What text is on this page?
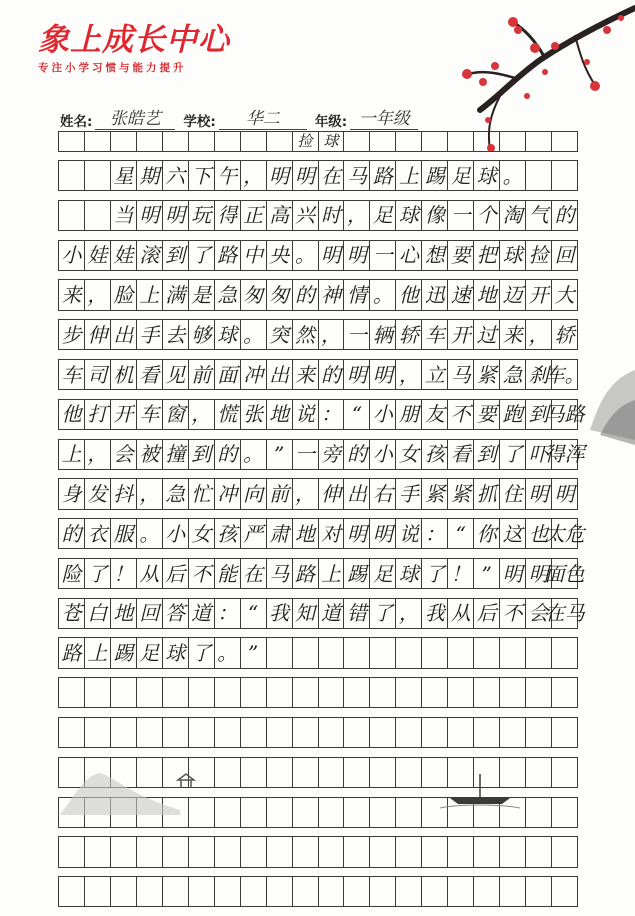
象上成长中心
专注小学习惯与能力提升
姓名:	张皓艺	学校:	华二	年级: 一年级
捡 球

星 期 六 下 午 ， 明 明 在 马 路 上 踢 足 球 。

当 明 明 玩 得 正 高 兴 时 ， 足 球 像 一 个 淘 气 的
小 娃 娃 滚 到 了 路 中 央 。 明 明 一 心 想 要 把 球 捡 回
来 ， 脸 上 满 是 急 匆 匆 的 神 情 。 他 迅 速 地 迈 开 大
步 伸 出 手 去 够 球 。 突 然 ， 一 辆 轿 车 开 过 来 ， 轿
车 司 机 看 见 前 面 冲 出 来 的 明 明 ， 立 马 紧 急 刹
车。
他 打 开 车 窗 ， 慌 张 地 说 ： “ 小 朋 友 不 要 跑 到
马路
上 ， 会 被 撞 到 的 。 ” 一 旁 的 小 女 孩 看 到 了 吓
得浑
身 发 抖 ， 急 忙 冲 向 前 ， 伸 出 右 手 紧 紧 抓 住 明 明
的 衣 服 。 小 女 孩 严 肃 地 对 明 明 说 ： “ 你 这 也
太危
险 了 ！ 从 后 不 能 在 马 路 上 踢 足 球 了 ！ ” 明 明
面色
苍 白 地 回 答 道 ： “ 我 知 道 错 了 ， 我 从 后 不 会
在马
路 上 踢 足 球 了 。 ”
